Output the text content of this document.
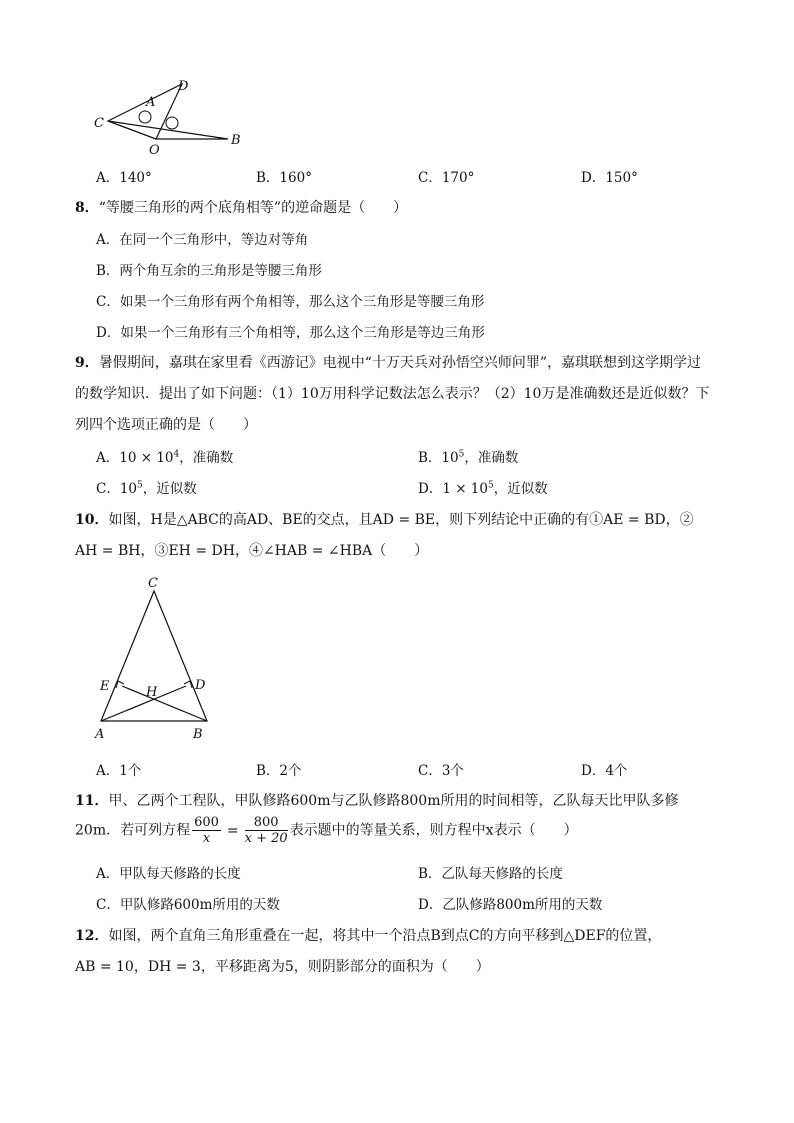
D
A
C
O
B
A．140°	B．160°	C．170°	D．150°
8．“等腰三角形的两个底角相等”的逆命题是（　　）
A．在同一个三角形中，等边对等角
B．两个角互余的三角形是等腰三角形
C．如果一个三角形有两个角相等，那么这个三角形是等腰三角形
D．如果一个三角形有三个角相等，那么这个三角形是等边三角形
9．暑假期间，嘉琪在家里看《西游记》电视中“十万天兵对孙悟空兴师问罪”，嘉琪联想到这学期学过
的数学知识．提出了如下问题：（1）10万用科学记数法怎么表示？（2）10万是准确数还是近似数？下
列四个选项正确的是（　　）
A．$10 \times 10^4$，准确数	B．$10^5$，准确数
C．$10^5$，近似数	D．$1 \times 10^5$，近似数
10．如图，H是△ABC的高AD、BE的交点，且AD = BE，则下列结论中正确的有①AE = BD，②
AH = BH，③EH = DH，④∠HAB = ∠HBA（　　）
C
E	H	D
A	B
A．1个	B．2个	C．3个	D．4个
11．甲、乙两个工程队，甲队修路600m与乙队修路800m所用的时间相等，乙队每天比甲队多修
20m．若可列方程 $\frac{600}{x} = \frac{800}{x + 20}$ 表示题中的等量关系，则方程中x表示（　　）
A．甲队每天修路的长度	B．乙队每天修路的长度
C．甲队修路600m所用的天数	D．乙队修路800m所用的天数
12．如图，两个直角三角形重叠在一起，将其中一个沿点B到点C的方向平移到△DEF的位置，
AB = 10，DH = 3，平移距离为5，则阴影部分的面积为（　　）
